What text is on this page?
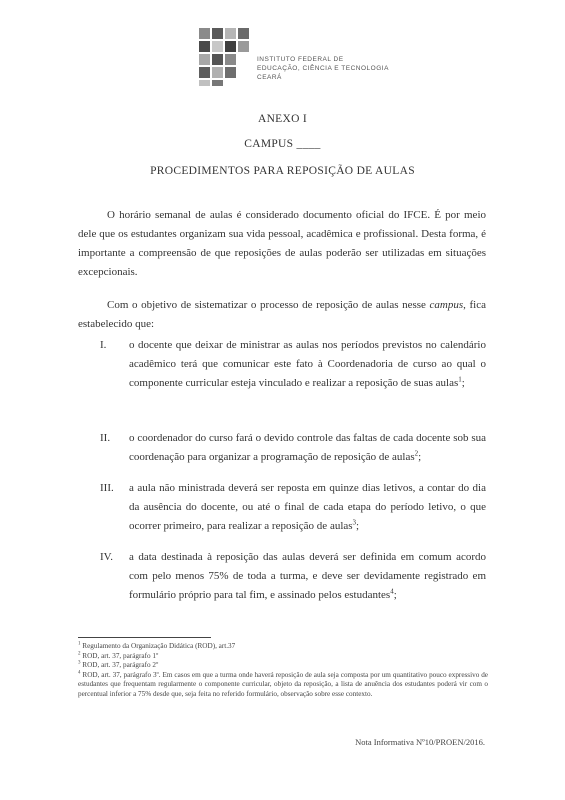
INSTITUTO FEDERAL DE
EDUCAÇÃO, CIÊNCIA E TECNOLOGIA
CEARÁ
ANEXO I
CAMPUS ____
PROCEDIMENTOS PARA REPOSIÇÃO DE AULAS
O horário semanal de aulas é considerado documento oficial do IFCE. É por meio dele que os estudantes organizam sua vida pessoal, acadêmica e profissional. Desta forma, é importante a compreensão de que reposições de aulas poderão ser utilizadas em situações excepcionais.
Com o objetivo de sistematizar o processo de reposição de aulas nesse campus, fica estabelecido que:
I.	o docente que deixar de ministrar as aulas nos períodos previstos no calendário acadêmico terá que comunicar este fato à Coordenadoria de curso ao qual o componente curricular esteja vinculado e realizar a reposição de suas aulas$^1$;
II.	o coordenador do curso fará o devido controle das faltas de cada docente sob sua coordenação para organizar a programação de reposição de aulas$^2$;
III.	a aula não ministrada deverá ser reposta em quinze dias letivos, a contar do dia da ausência do docente, ou até o final de cada etapa do período letivo, o que ocorrer primeiro, para realizar a reposição de aulas$^3$;
IV.	a data destinada à reposição das aulas deverá ser definida em comum acordo com pelo menos 75% de toda a turma, e deve ser devidamente registrado em formulário próprio para tal fim, e assinado pelos estudantes$^4$;

$^1$ Regulamento da Organização Didática (ROD), art.37

$^2$ ROD, art. 37, parágrafo 1º

$^3$ ROD, art. 37, parágrafo 2º

$^4$ ROD, art. 37, parágrafo 3º. Em casos em que a turma onde haverá reposição de aula seja composta por um quantitativo pouco expressivo de estudantes que frequentam regularmente o componente curricular, objeto da reposição, a lista de anuência dos estudantes poderá vir com o percentual inferior a 75% desde que, seja feita no referido formulário, observação sobre esse contexto.

Nota Informativa Nº10/PROEN/2016.
